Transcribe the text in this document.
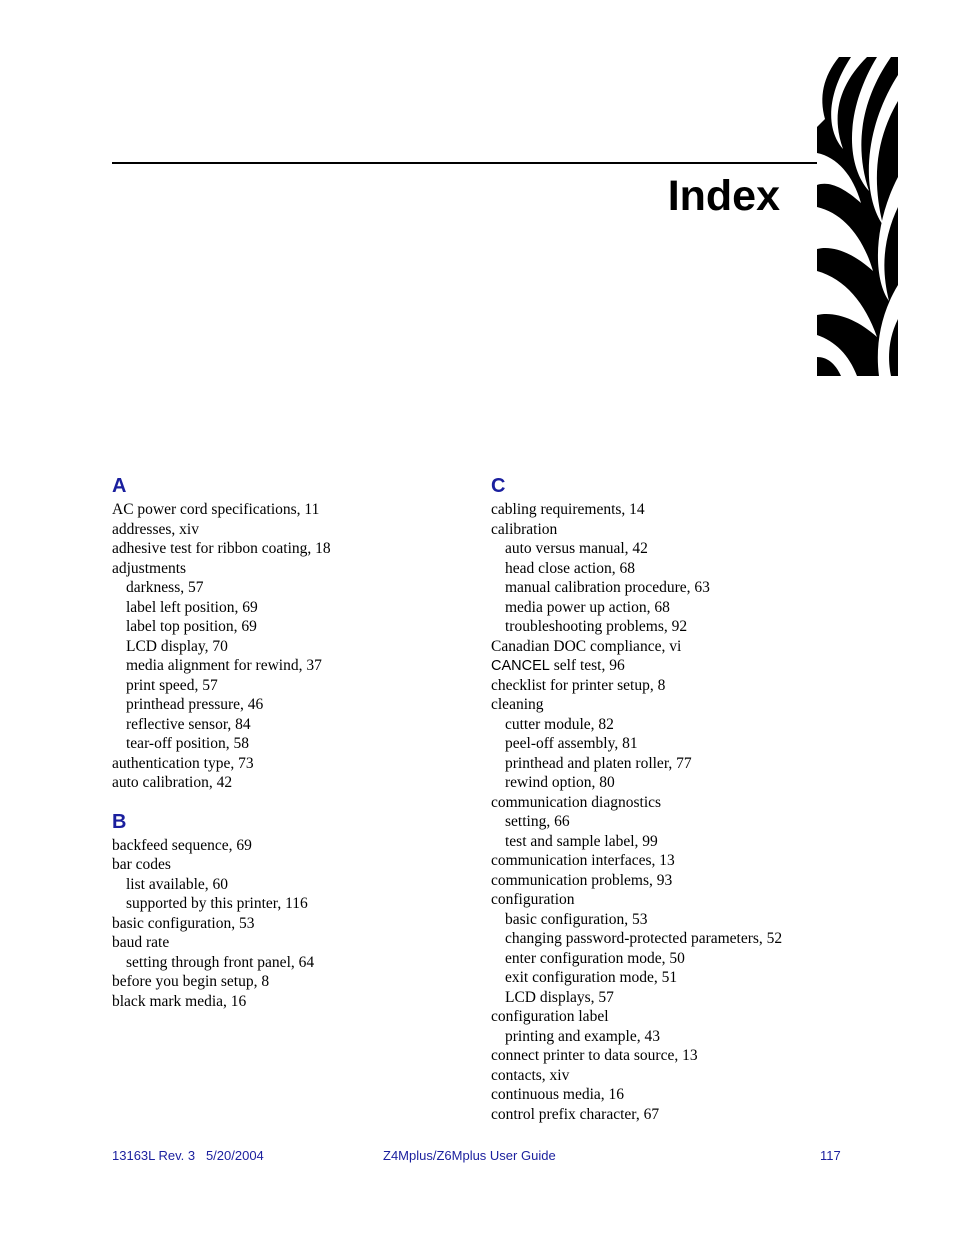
Index
A
AC power cord specifications, 11
addresses, xiv
adhesive test for ribbon coating, 18
adjustments
darkness, 57
label left position, 69
label top position, 69
LCD display, 70
media alignment for rewind, 37
print speed, 57
printhead pressure, 46
reflective sensor, 84
tear-off position, 58
authentication type, 73
auto calibration, 42
B
backfeed sequence, 69
bar codes
list available, 60
supported by this printer, 116
basic configuration, 53
baud rate
setting through front panel, 64
before you begin setup, 8
black mark media, 16
C
cabling requirements, 14
calibration
auto versus manual, 42
head close action, 68
manual calibration procedure, 63
media power up action, 68
troubleshooting problems, 92
Canadian DOC compliance, vi
CANCEL self test, 96
checklist for printer setup, 8
cleaning
cutter module, 82
peel-off assembly, 81
printhead and platen roller, 77
rewind option, 80
communication diagnostics
setting, 66
test and sample label, 99
communication interfaces, 13
communication problems, 93
configuration
basic configuration, 53
changing password-protected parameters, 52
enter configuration mode, 50
exit configuration mode, 51
LCD displays, 57
configuration label
printing and example, 43
connect printer to data source, 13
contacts, xiv
continuous media, 16
control prefix character, 67
13163L Rev. 3   5/20/2004	Z4Mplus/Z6Mplus User Guide	117
